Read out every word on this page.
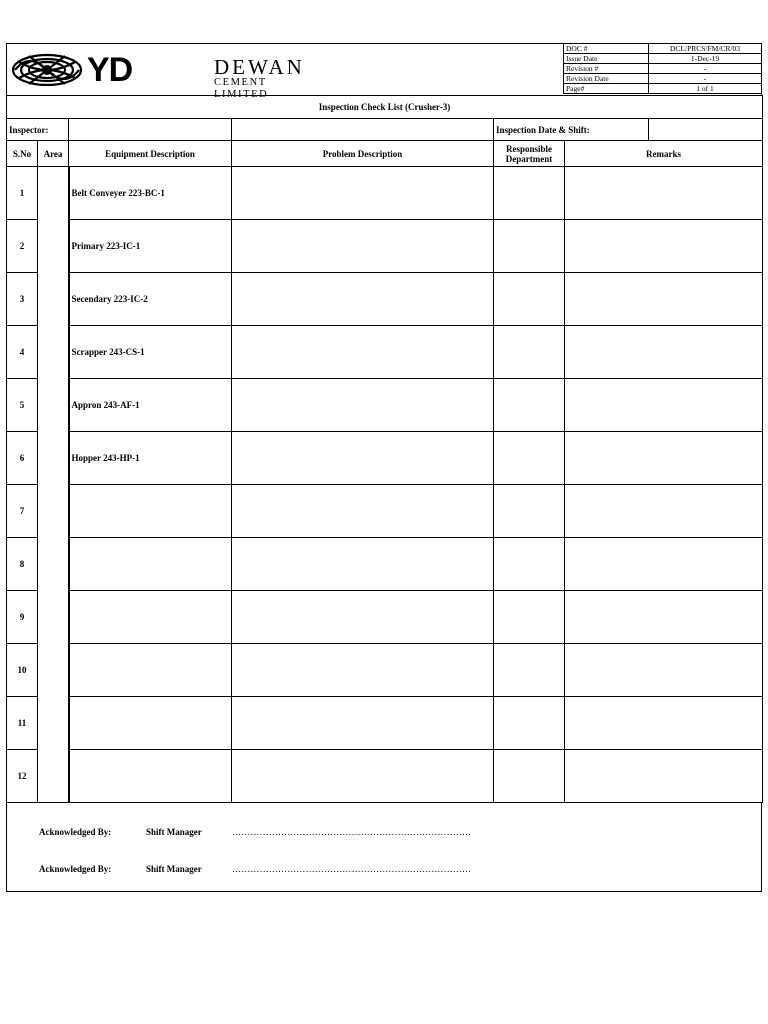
YD	DEWAN
CEMENT LIMITED
DOC #	DCL/PRCS/FM/CR/03
Issue Date	1-Dec-19
Revision #	-
Revision Date	-
Page#	1 of 1
Inspection Check List (Crusher-3)						
Inspector:				Inspection Date & Shift:		
S.No	Area	Equipment Description	Problem Description	Responsible Department	Remarks	
1		Belt Conveyer 223-BC-1				
2		Primary 223-IC-1				
3		Secendary 223-IC-2				
4		Scrapper 243-CS-1				
5		Appron 243-AF-1				
6		Hopper 243-HP-1				
7						
8						
9						
10						
11						
12						
Acknowledged By:	Shift Manager	……………………………………………………………………
Acknowledged By:	Shift Manager	……………………………………………………………………
